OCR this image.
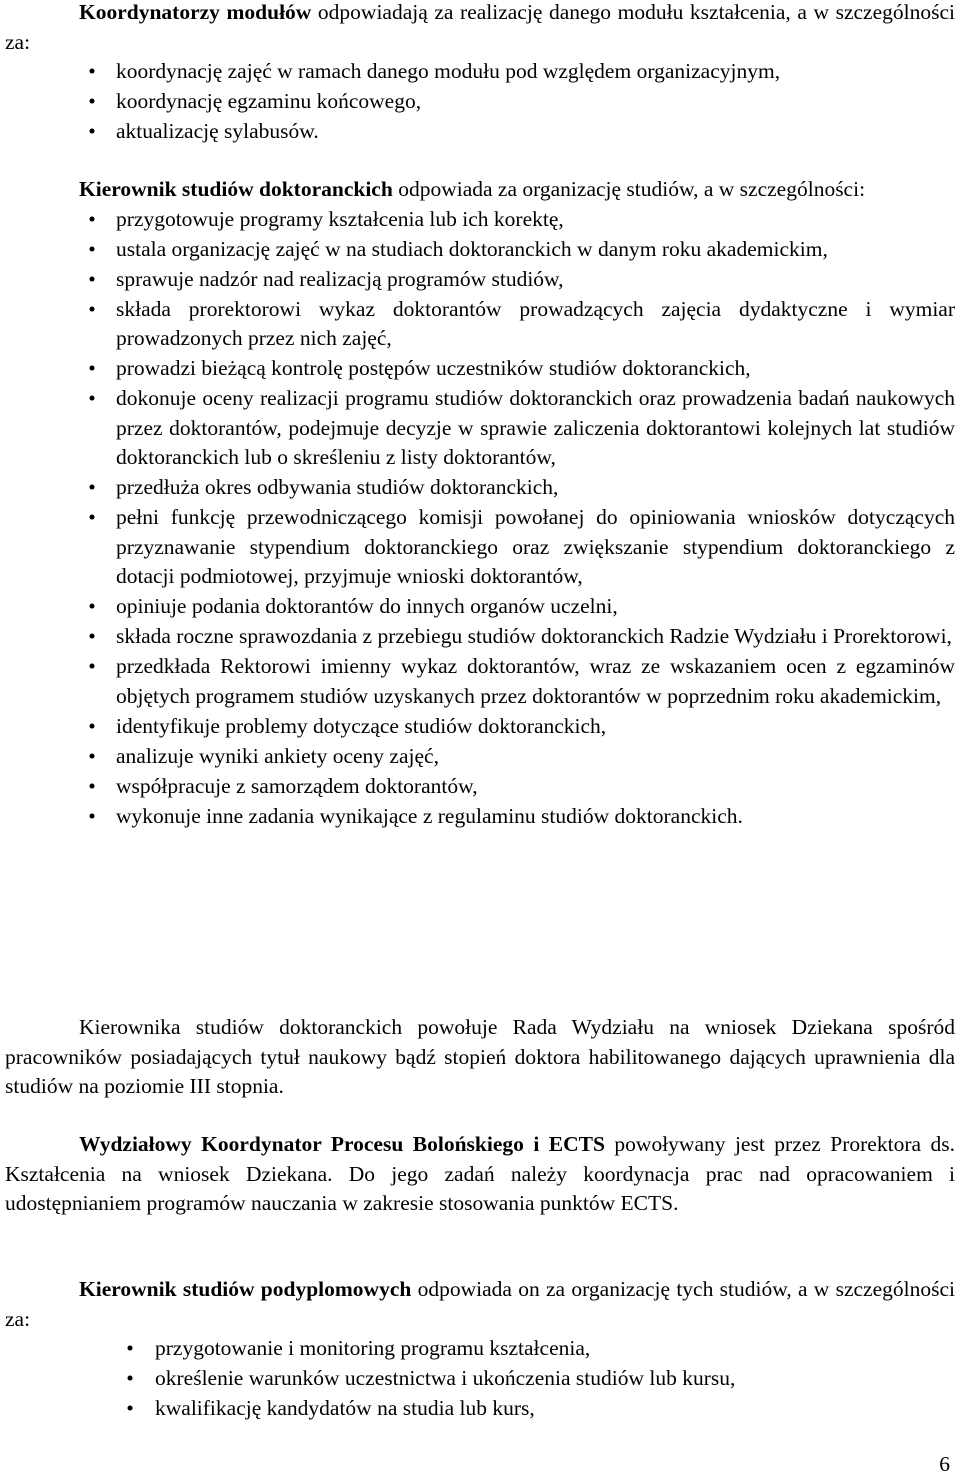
Koordynatorzy modułów odpowiadają za realizację danego modułu kształcenia, a w szczególności za:

• koordynację zajęć w ramach danego modułu pod względem organizacyjnym,
• koordynację egzaminu końcowego,
• aktualizację sylabusów.

Kierownik studiów doktoranckich odpowiada za organizację studiów, a w szczególności:

• przygotowuje programy kształcenia lub ich korektę,
• ustala organizację zajęć w na studiach doktoranckich w danym roku akademickim,
• sprawuje nadzór nad realizacją programów studiów,
• składa prorektorowi wykaz doktorantów prowadzących zajęcia dydaktyczne i wymiar prowadzonych przez nich zajęć,
• prowadzi bieżącą kontrolę postępów uczestników studiów doktoranckich,
• dokonuje oceny realizacji programu studiów doktoranckich oraz prowadzenia badań naukowych przez doktorantów, podejmuje decyzje w sprawie zaliczenia doktorantowi kolejnych lat studiów doktoranckich lub o skreśleniu z listy doktorantów,
• przedłuża okres odbywania studiów doktoranckich,
• pełni funkcję przewodniczącego komisji powołanej do opiniowania wniosków dotyczących przyznawanie stypendium doktoranckiego oraz zwiększanie stypendium doktoranckiego z dotacji podmiotowej, przyjmuje wnioski doktorantów,
• opiniuje podania doktorantów do innych organów uczelni,
• składa roczne sprawozdania z przebiegu studiów doktoranckich Radzie Wydziału i Prorektorowi,
• przedkłada Rektorowi imienny wykaz doktorantów, wraz ze wskazaniem ocen z egzaminów objętych programem studiów uzyskanych przez doktorantów w poprzednim roku akademickim,
• identyfikuje problemy dotyczące studiów doktoranckich,
• analizuje wyniki ankiety oceny zajęć,
• współpracuje z samorządem doktorantów,
• wykonuje inne zadania wynikające z regulaminu studiów doktoranckich.

Kierownika studiów doktoranckich powołuje Rada Wydziału na wniosek Dziekana spośród pracowników posiadających tytuł naukowy bądź stopień doktora habilitowanego dających uprawnienia dla studiów na poziomie III stopnia.

Wydziałowy Koordynator Procesu Bolońskiego i ECTS powoływany jest przez Prorektora ds. Kształcenia na wniosek Dziekana. Do jego zadań należy koordynacja prac nad opracowaniem i udostępnianiem programów nauczania w zakresie stosowania punktów ECTS.

Kierownik studiów podyplomowych odpowiada on za organizację tych studiów, a w szczególności za:

• przygotowanie i monitoring programu kształcenia,
• określenie warunków uczestnictwa i ukończenia studiów lub kursu,
• kwalifikację kandydatów na studia lub kurs,
6
